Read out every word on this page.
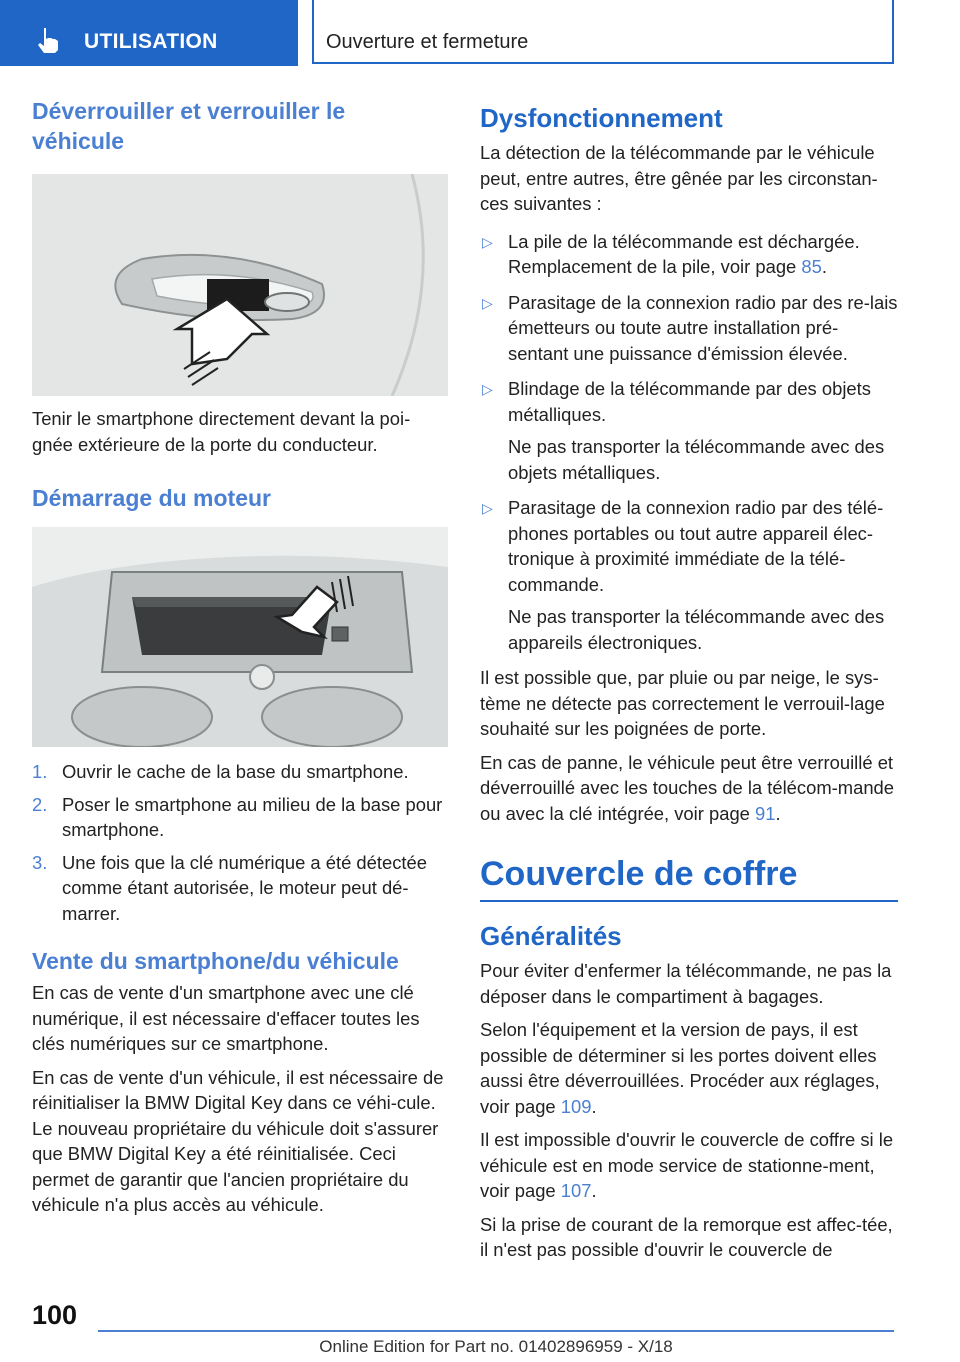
UTILISATION	Ouverture et fermeture
Déverrouiller et verrouiller le véhicule

Tenir le smartphone directement devant la poi-gnée extérieure de la porte du conducteur.

Démarrage du moteur
1. Ouvrir le cache de la base du smartphone.
2. Poser le smartphone au milieu de la base pour smartphone.
3. Une fois que la clé numérique a été détectée comme étant autorisée, le moteur peut dé-marrer.
Vente du smartphone/du véhicule

En cas de vente d'un smartphone avec une clé numérique, il est nécessaire d'effacer toutes les clés numériques sur ce smartphone.

En cas de vente d'un véhicule, il est nécessaire de réinitialiser la BMW Digital Key dans ce véhi-cule. Le nouveau propriétaire du véhicule doit s'assurer que BMW Digital Key a été réinitialisée. Ceci permet de garantir que l'ancien propriétaire du véhicule n'a plus accès au véhicule.

Dysfonctionnement

La détection de la télécommande par le véhicule peut, entre autres, être gênée par les circonstan-ces suivantes :

▷ La pile de la télécommande est déchargée. Remplacement de la pile, voir page 85.
▷ Parasitage de la connexion radio par des re-lais émetteurs ou toute autre installation pré-sentant une puissance d'émission élevée.
▷ Blindage de la télécommande par des objets métalliques.
Ne pas transporter la télécommande avec des objets métalliques.
▷ Parasitage de la connexion radio par des télé-phones portables ou tout autre appareil élec-tronique à proximité immédiate de la télé-commande.
Ne pas transporter la télécommande avec des appareils électroniques.

Il est possible que, par pluie ou par neige, le sys-tème ne détecte pas correctement le verrouil-lage souhaité sur les poignées de porte.

En cas de panne, le véhicule peut être verrouillé et déverrouillé avec les touches de la télécom-mande ou avec la clé intégrée, voir page 91.

Couvercle de coffre
Généralités

Pour éviter d'enfermer la télécommande, ne pas la déposer dans le compartiment à bagages.

Selon l'équipement et la version de pays, il est possible de déterminer si les portes doivent elles aussi être déverrouillées. Procéder aux réglages, voir page 109.

Il est impossible d'ouvrir le couvercle de coffre si le véhicule est en mode service de stationne-ment, voir page 107.

Si la prise de courant de la remorque est affec-tée, il n'est pas possible d'ouvrir le couvercle de

100
Online Edition for Part no. 01402896959 - X/18
